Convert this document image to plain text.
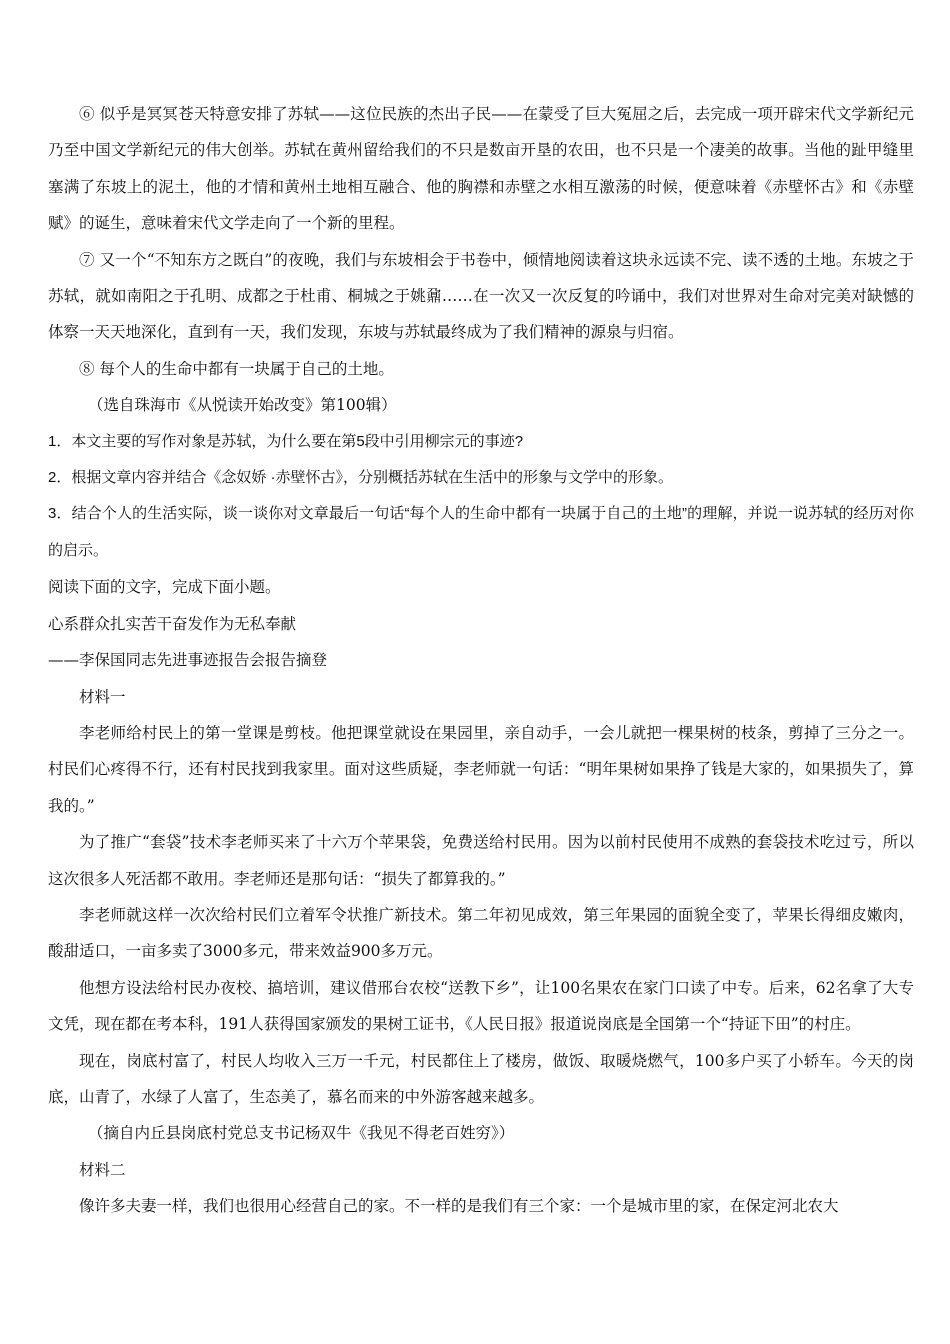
⑥ 似乎是冥冥苍天特意安排了苏轼——这位民族的杰出子民——在蒙受了巨大冤屈之后，去完成一项开辟宋代文学新纪元乃至中国文学新纪元的伟大创举。苏轼在黄州留给我们的不只是数亩开垦的农田，也不只是一个凄美的故事。当他的趾甲缝里塞满了东坡上的泥土，他的才情和黄州土地相互融合、他的胸襟和赤壁之水相互激荡的时候，便意味着《赤壁怀古》和《赤壁赋》的诞生，意味着宋代文学走向了一个新的里程。

⑦ 又一个“不知东方之既白”的夜晚，我们与东坡相会于书卷中，倾情地阅读着这块永远读不完、读不透的土地。东坡之于苏轼，就如南阳之于孔明、成都之于杜甫、桐城之于姚鼐……在一次又一次反复的吟诵中，我们对世界对生命对完美对缺憾的体察一天天地深化，直到有一天，我们发现，东坡与苏轼最终成为了我们精神的源泉与归宿。

⑧ 每个人的生命中都有一块属于自己的土地。

（选自珠海市《从悦读开始改变》第100辑）

1．本文主要的写作对象是苏轼，为什么要在第5段中引用柳宗元的事迹?

2．根据文章内容并结合《念奴娇 ·赤壁怀古》，分别概括苏轼在生活中的形象与文学中的形象。

3．结合个人的生活实际，谈一谈你对文章最后一句话“每个人的生命中都有一块属于自己的土地”的理解，并说一说苏轼的经历对你的启示。

阅读下面的文字，完成下面小题。

心系群众扎实苦干奋发作为无私奉献

——李保国同志先进事迹报告会报告摘登

材料一

李老师给村民上的第一堂课是剪枝。他把课堂就设在果园里，亲自动手，一会儿就把一棵果树的枝条，剪掉了三分之一。村民们心疼得不行，还有村民找到我家里。面对这些质疑，李老师就一句话：“明年果树如果挣了钱是大家的，如果损失了，算我的。”

为了推广“套袋”技术李老师买来了十六万个苹果袋，免费送给村民用。因为以前村民使用不成熟的套袋技术吃过亏，所以这次很多人死活都不敢用。李老师还是那句话：“损失了都算我的。”

李老师就这样一次次给村民们立着军令状推广新技术。第二年初见成效，第三年果园的面貌全变了，苹果长得细皮嫩肉，酸甜适口，一亩多卖了3000多元，带来效益900多万元。

他想方设法给村民办夜校、搞培训，建议借邢台农校“送教下乡”，让100名果农在家门口读了中专。后来，62名拿了大专文凭，现在都在考本科，191人获得国家颁发的果树工证书，《人民日报》报道说岗底是全国第一个“持证下田”的村庄。

现在，岗底村富了，村民人均收入三万一千元，村民都住上了楼房，做饭、取暖烧燃气，100多户买了小轿车。今天的岗底，山青了，水绿了人富了，生态美了，慕名而来的中外游客越来越多。

（摘自内丘县岗底村党总支书记杨双牛《我见不得老百姓穷》）

材料二

像许多夫妻一样，我们也很用心经营自己的家。不一样的是我们有三个家：一个是城市里的家，在保定河北农大
